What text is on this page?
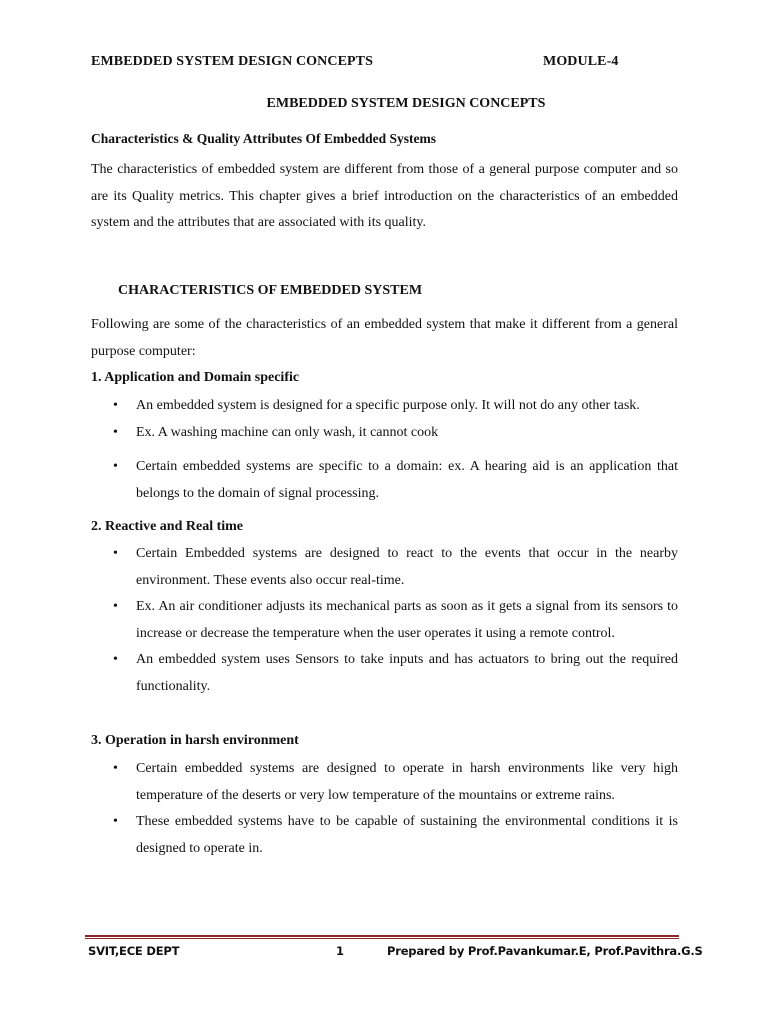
EMBEDDED SYSTEM DESIGN CONCEPTS	MODULE-4
EMBEDDED SYSTEM DESIGN CONCEPTS
Characteristics & Quality Attributes Of Embedded Systems
The characteristics of embedded system are different from those of a general purpose computer and so are its Quality metrics. This chapter gives a brief introduction on the characteristics of an embedded system and the attributes that are associated with its quality.
CHARACTERISTICS OF EMBEDDED SYSTEM
Following are some of the characteristics of an embedded system that make it different from a general purpose computer:
1. Application and Domain specific
• An embedded system is designed for a specific purpose only. It will not do any other task.
• Ex. A washing machine can only wash, it cannot cook
• Certain embedded systems are specific to a domain: ex. A hearing aid is an application that belongs to the domain of signal processing.
2. Reactive and Real time
• Certain Embedded systems are designed to react to the events that occur in the nearby environment. These events also occur real-time.
• Ex. An air conditioner adjusts its mechanical parts as soon as it gets a signal from its sensors to increase or decrease the temperature when the user operates it using a remote control.
• An embedded system uses Sensors to take inputs and has actuators to bring out the required functionality.
3. Operation in harsh environment
• Certain embedded systems are designed to operate in harsh environments like very high temperature of the deserts or very low temperature of the mountains or extreme rains.
• These embedded systems have to be capable of sustaining the environmental conditions it is designed to operate in.
SVIT,ECE DEPT	1	Prepared by Prof.Pavankumar.E, Prof.Pavithra.G.S
